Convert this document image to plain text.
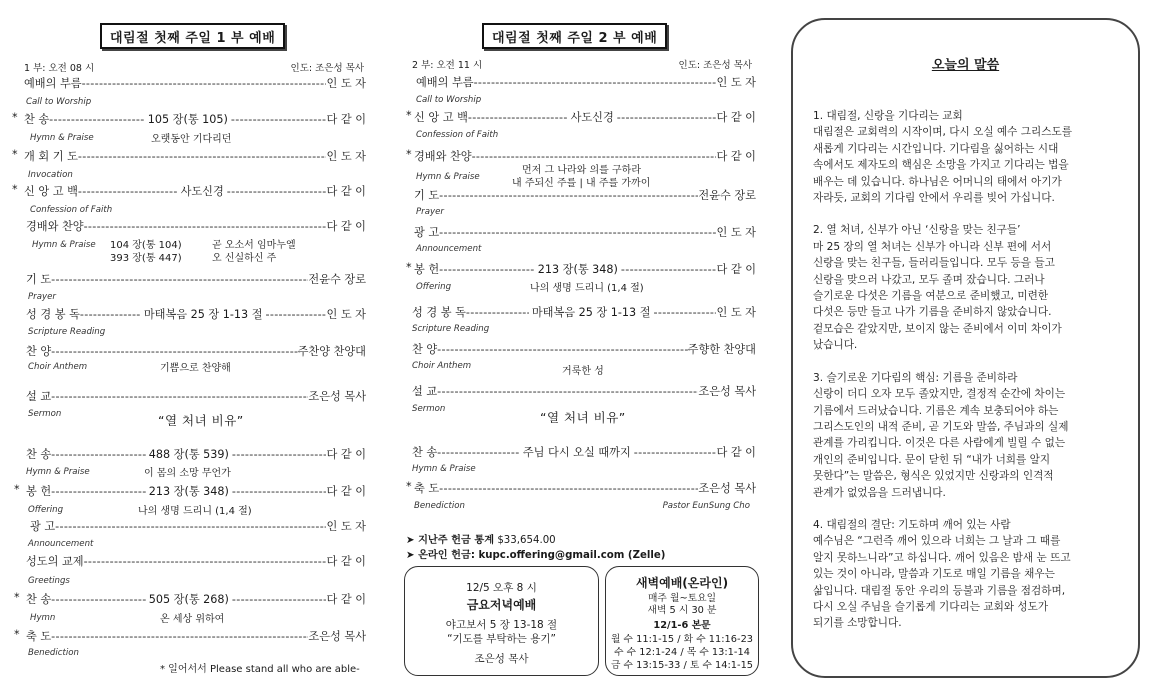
대림절 첫째 주일 1 부 예배
1 부: 오전 08 시	인도: 조은성 목사
예배의 부름 -----	인 도 자
Call to Worship
* 찬 송 -----	105 장(통 105) -----	다 같 이
Hymn & Praise	오랫동안 기다리던
* 개 회 기 도 -----	인 도 자
Invocation
* 신 앙 고 백 -----	사도신경 -----	다 같 이
Confession of Faith
경배와 찬양 -----	다 같 이
Hymn & Praise 104 장(통 104)	곧 오소서 임마누엘
393 장(통 447)	오 신실하신 주
기 도 -----	전윤수 장로
Prayer
성 경 봉 독 -----	마태복음 25 장 1-13 절 -----	인 도 자
Scripture Reading
찬 양 -----	주찬양 찬양대
Choir Anthem	기쁨으로 찬양해
설 교 -----	조은성 목사
Sermon	“열 처녀 비유”
찬 송 -----	488 장(통 539) -----	다 같 이
Hymn & Praise	이 몸의 소망 무언가
* 봉 헌 -----	213 장(통 348) -----	다 같 이
Offering	나의 생명 드리니 (1,4 절)
광 고 -----	인 도 자
Announcement
성도의 교제 -----	다 같 이
Greetings
* 찬 송 -----	505 장(통 268) -----	다 같 이
Hymn	온 세상 위하여
* 축 도 -----	조은성 목사
Benediction
* 일어서서 Please stand all who are able-
대림절 첫째 주일 2 부 예배
2 부: 오전 11 시	인도: 조은성 목사
예배의 부름 -----	인 도 자
Call to Worship
* 신 앙 고 백 -----	사도신경 -----	다 같 이
Confession of Faith
* 경배와 찬양 -----	다 같 이
먼저 그 나라와 의를 구하라
Hymn & Praise
내 주되신 주를 | 내 주를 가까이
기 도 -----	전윤수 장로
Prayer
광 고 -----	인 도 자
Announcement
* 봉 헌 -----	213 장(통 348) -----	다 같 이
Offering	나의 생명 드리니 (1,4 절)
성 경 봉 독 -----	마태복음 25 장 1-13 절 -----	인 도 자
Scripture Reading
찬 양 -----	주향한 찬양대
Choir Anthem	거룩한 성
설 교 -----	조은성 목사
Sermon
“열 처녀 비유”
찬 송 -----	주님 다시 오실 때까지 -----	다 같 이
Hymn & Praise
* 축 도 -----	조은성 목사
Benediction	Pastor EunSung Cho
➤ 지난주 헌금 통계 $33,654.00
➤ 온라인 헌금: kupc.offering@gmail.com (Zelle)
12/5 오후 8 시
금요저녁예배
야고보서 5 장 13-18 절
“기도를 부탁하는 용기”
조은성 목사
새벽예배(온라인)
매주 월~토요일
새벽 5 시 30 분
12/1-6 본문
월 수 11:1-15 / 화 수 11:16-23
수 수 12:1-24 / 목 수 13:1-14
금 수 13:15-33 / 토 수 14:1-15
오늘의 말씀

1. 대림절, 신랑을 기다리는 교회
대림절은 교회력의 시작이며, 다시 오실 예수 그리스도를
새롭게 기다리는 시간입니다. 기다림을 싫어하는 시대
속에서도 제자도의 핵심은 소망을 가지고 기다리는 법을
배우는 데 있습니다. 하나님은 어머니의 태에서 아기가
자라듯, 교회의 기다림 안에서 우리를 빚어 가십니다.

2. 열 처녀, 신부가 아닌 ‘신랑을 맞는 친구들’
마 25 장의 열 처녀는 신부가 아니라 신부 편에 서서
신랑을 맞는 친구들, 들러리들입니다. 모두 등을 들고
신랑을 맞으러 나갔고, 모두 졸며 잤습니다. 그러나
슬기로운 다섯은 기름을 여분으로 준비했고, 미련한
다섯은 등만 들고 나가 기름을 준비하지 않았습니다.
겉모습은 같았지만, 보이지 않는 준비에서 이미 차이가
났습니다.

3. 슬기로운 기다림의 핵심: 기름을 준비하라
신랑이 더디 오자 모두 졸았지만, 결정적 순간에 차이는
기름에서 드러났습니다. 기름은 계속 보충되어야 하는
그리스도인의 내적 준비, 곧 기도와 말씀, 주님과의 실제
관계를 가리킵니다. 이것은 다른 사람에게 빌릴 수 없는
개인의 준비입니다. 문이 닫힌 뒤 “내가 너희를 알지
못한다”는 말씀은, 형식은 있었지만 신랑과의 인격적
관계가 없었음을 드러냅니다.

4. 대림절의 결단: 기도하며 깨어 있는 사람
예수님은 “그런즉 깨어 있으라 너희는 그 날과 그 때를
알지 못하느니라”고 하십니다. 깨어 있음은 밤새 눈 뜨고
있는 것이 아니라, 말씀과 기도로 매일 기름을 채우는
삶입니다. 대림절 동안 우리의 등불과 기름을 점검하며,
다시 오실 주님을 슬기롭게 기다리는 교회와 성도가
되기를 소망합니다.
